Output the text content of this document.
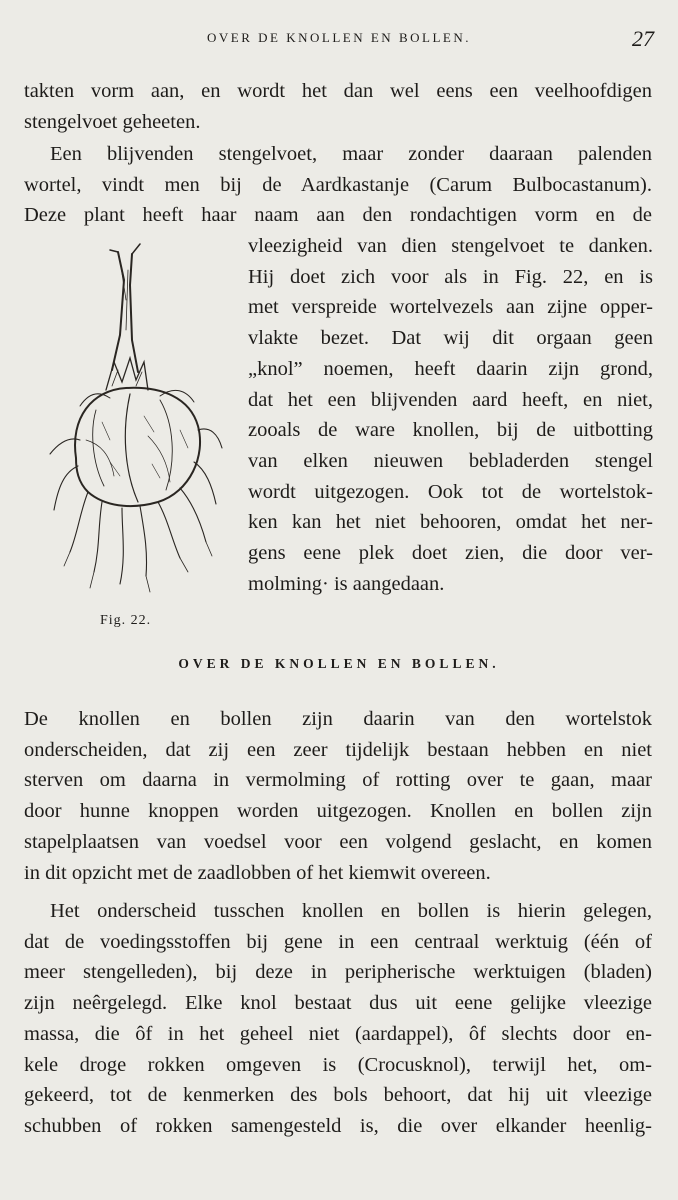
OVER DE KNOLLEN EN BOLLEN.	27
takten vorm aan, en wordt het dan wel eens een veelhoofdigen
stengelvoet geheeten.
Een blijvenden stengelvoet, maar zonder daaraan palenden
wortel, vindt men bij de Aardkastanje (Carum Bulbocastanum).
Deze plant heeft haar naam aan den rondachtigen vorm en de
vleezigheid van dien stengelvoet te danken.
Hij doet zich voor als in Fig. 22, en is
met verspreide wortelvezels aan zijne opper-
vlakte bezet. Dat wij dit orgaan geen
„knol” noemen, heeft daarin zijn grond,
dat het een blijvenden aard heeft, en niet,
zooals de ware knollen, bij de uitbotting
van elken nieuwen bebladerden stengel
wordt uitgezogen. Ook tot de wortelstok-
ken kan het niet behooren, omdat het ner-
gens eene plek doet zien, die door ver-
molming· is aangedaan.
Fig. 22.
OVER DE KNOLLEN EN BOLLEN.
De knollen en bollen zijn daarin van den wortelstok
onderscheiden, dat zij een zeer tijdelijk bestaan hebben en niet
sterven om daarna in vermolming of rotting over te gaan, maar
door hunne knoppen worden uitgezogen. Knollen en bollen zijn
stapelplaatsen van voedsel voor een volgend geslacht, en komen
in dit opzicht met de zaadlobben of het kiemwit overeen.
Het onderscheid tusschen knollen en bollen is hierin gelegen,
dat de voedingsstoffen bij gene in een centraal werktuig (één of
meer stengelleden), bij deze in peripherische werktuigen (bladen)
zijn neêrgelegd. Elke knol bestaat dus uit eene gelijke vleezige
massa, die ôf in het geheel niet (aardappel), ôf slechts door en-
kele droge rokken omgeven is (Crocusknol), terwijl het, om-
gekeerd, tot de kenmerken des bols behoort, dat hij uit vleezige
schubben of rokken samengesteld is, die over elkander heenlig-
